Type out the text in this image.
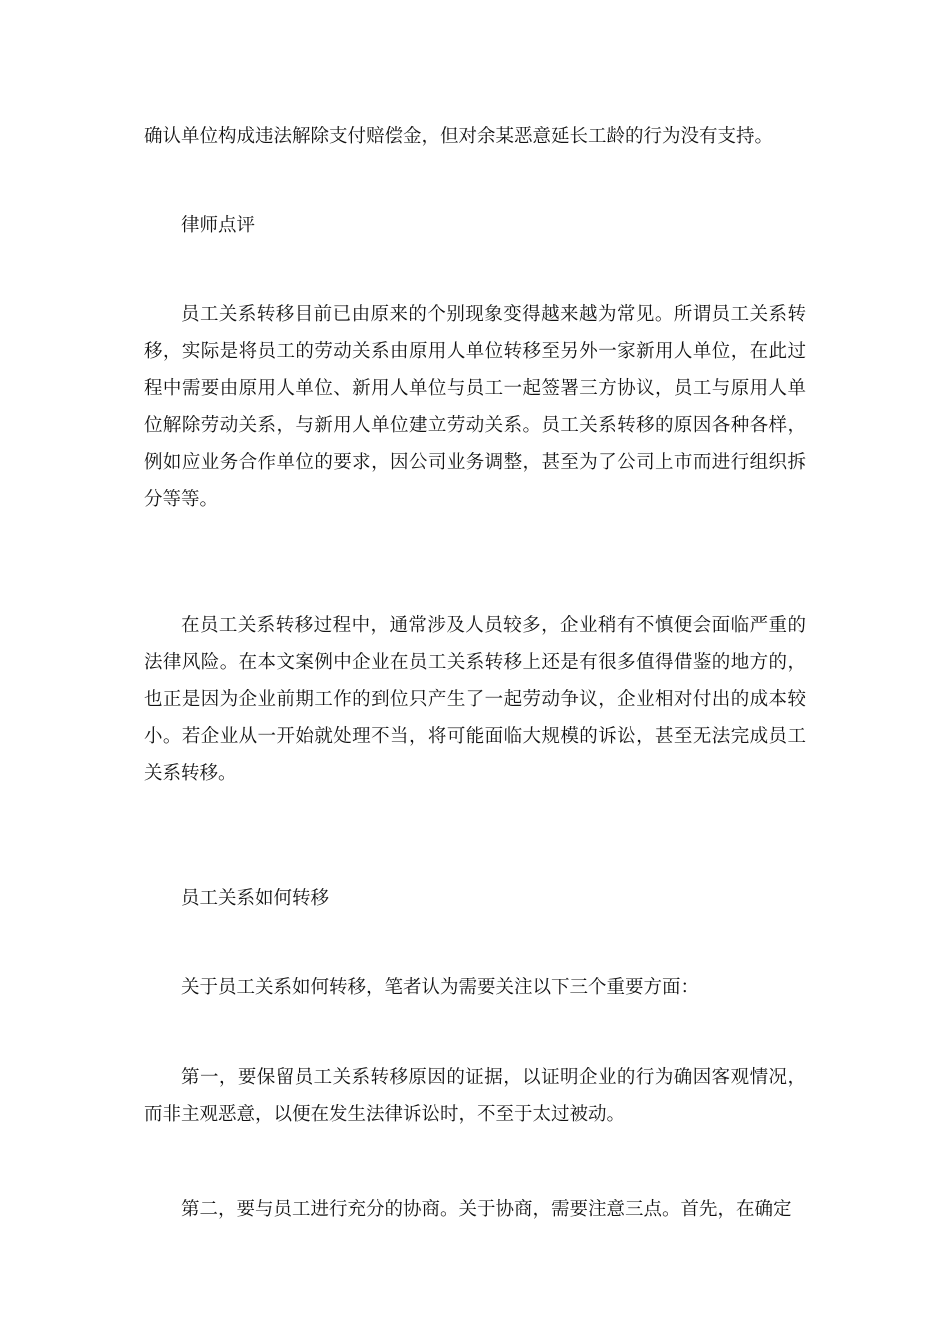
确认单位构成违法解除支付赔偿金，但对余某恶意延长工龄的行为没有支持。

律师点评

员工关系转移目前已由原来的个别现象变得越来越为常见。所谓员工关系转移，实际是将员工的劳动关系由原用人单位转移至另外一家新用人单位，在此过程中需要由原用人单位、新用人单位与员工一起签署三方协议，员工与原用人单位解除劳动关系，与新用人单位建立劳动关系。员工关系转移的原因各种各样，例如应业务合作单位的要求，因公司业务调整，甚至为了公司上市而进行组织拆分等等。

在员工关系转移过程中，通常涉及人员较多，企业稍有不慎便会面临严重的法律风险。在本文案例中企业在员工关系转移上还是有很多值得借鉴的地方的，也正是因为企业前期工作的到位只产生了一起劳动争议，企业相对付出的成本较小。若企业从一开始就处理不当，将可能面临大规模的诉讼，甚至无法完成员工关系转移。

员工关系如何转移

关于员工关系如何转移，笔者认为需要关注以下三个重要方面：

第一，要保留员工关系转移原因的证据，以证明企业的行为确因客观情况，而非主观恶意，以便在发生法律诉讼时，不至于太过被动。

第二，要与员工进行充分的协商。关于协商，需要注意三点。首先，在确定
